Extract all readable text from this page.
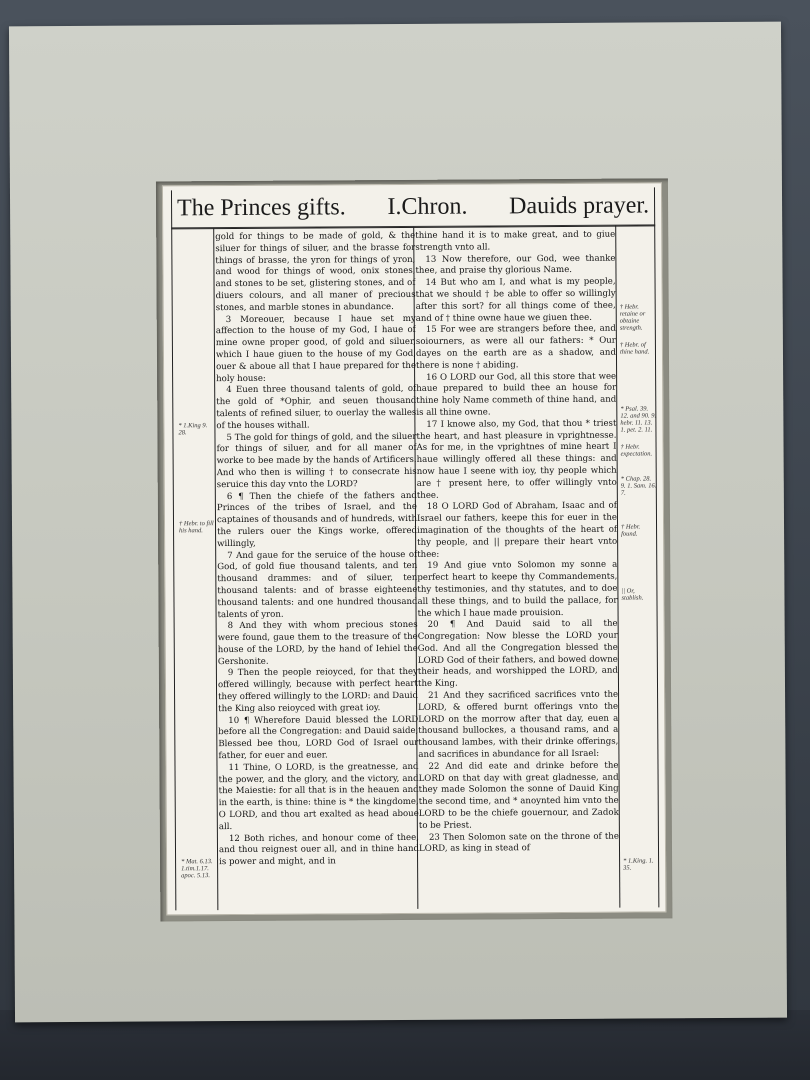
The Princes gifts. I.Chron. Dauids prayer.
* 1.King 9. 28.
† Hebr. to fill his hand.
* Mat. 6.13. 1.tim.1.17. apoc. 5.13.
† Hebr. retaine or obtaine strength.
† Hebr. of thine hand.
* Psal. 39. 12. and 90. 9. hebr. 11. 13. 1. pet. 2. 11.
† Hebr. expectation.
* Chap. 28. 9. 1. Sam. 16. 7.
† Hebr. found.
|| Or, stablish.
* 1.King. 1. 35.

gold for things to be made of gold, & the siluer for things of siluer, and the brasse for things of brasse, the yron for things of yron, and wood for things of wood, onix stones, and stones to be set, glistering stones, and of diuers colours, and all maner of precious stones, and marble stones in abundance.

3 Moreouer, because I haue set my affection to the house of my God, I haue of mine owne proper good, of gold and siluer, which I haue giuen to the house of my God, ouer & aboue all that I haue prepared for the holy house:

4 Euen three thousand talents of gold, of the gold of *Ophir, and seuen thousand talents of refined siluer, to ouerlay the walles of the houses withall.

5 The gold for things of gold, and the siluer for things of siluer, and for all maner of worke to bee made by the hands of Artificers. And who then is willing † to consecrate his seruice this day vnto the LORD?

6 ¶ Then the chiefe of the fathers and Princes of the tribes of Israel, and the captaines of thousands and of hundreds, with the rulers ouer the Kings worke, offered willingly,

7 And gaue for the seruice of the house of God, of gold fiue thousand talents, and ten thousand drammes: and of siluer, ten thousand talents: and of brasse eighteene thousand talents: and one hundred thousand talents of yron.

8 And they with whom precious stones were found, gaue them to the treasure of the house of the LORD, by the hand of Iehiel the Gershonite.

9 Then the people reioyced, for that they offered willingly, because with perfect heart they offered willingly to the LORD: and Dauid the King also reioyced with great ioy.

10 ¶ Wherefore Dauid blessed the LORD before all the Congregation: and Dauid saide, Blessed bee thou, LORD God of Israel our father, for euer and euer.

11 Thine, O LORD, is the greatnesse, and the power, and the glory, and the victory, and the Maiestie: for all that is in the heauen and in the earth, is thine: thine is * the kingdome, O LORD, and thou art exalted as head aboue all.

12 Both riches, and honour come of thee, and thou reignest ouer all, and in thine hand is power and might, and in

thine hand it is to make great, and to giue strength vnto all.

13 Now therefore, our God, wee thanke thee, and praise thy glorious Name.

14 But who am I, and what is my people, that we should † be able to offer so willingly after this sort? for all things come of thee, and of † thine owne haue we giuen thee.

15 For wee are strangers before thee, and soiourners, as were all our fathers: * Our dayes on the earth are as a shadow, and there is none † abiding.

16 O LORD our God, all this store that wee haue prepared to build thee an house for thine holy Name commeth of thine hand, and is all thine owne.

17 I knowe also, my God, that thou * triest the heart, and hast pleasure in vprightnesse. As for me, in the vprightnes of mine heart I haue willingly offered all these things: and now haue I seene with ioy, thy people which are † present here, to offer willingly vnto thee.

18 O LORD God of Abraham, Isaac and of Israel our fathers, keepe this for euer in the imagination of the thoughts of the heart of thy people, and || prepare their heart vnto thee:

19 And giue vnto Solomon my sonne a perfect heart to keepe thy Commandements, thy testimonies, and thy statutes, and to doe all these things, and to build the pallace, for the which I haue made prouision.

20 ¶ And Dauid said to all the Congregation: Now blesse the LORD your God. And all the Congregation blessed the LORD God of their fathers, and bowed downe their heads, and worshipped the LORD, and the King.

21 And they sacrificed sacrifices vnto the LORD, & offered burnt offerings vnto the LORD on the morrow after that day, euen a thousand bullockes, a thousand rams, and a thousand lambes, with their drinke offerings, and sacrifices in abundance for all Israel:

22 And did eate and drinke before the LORD on that day with great gladnesse, and they made Solomon the sonne of Dauid King the second time, and * anoynted him vnto the LORD to be the chiefe gouernour, and Zadok to be Priest.

23 Then Solomon sate on the throne of the LORD, as king in stead of
